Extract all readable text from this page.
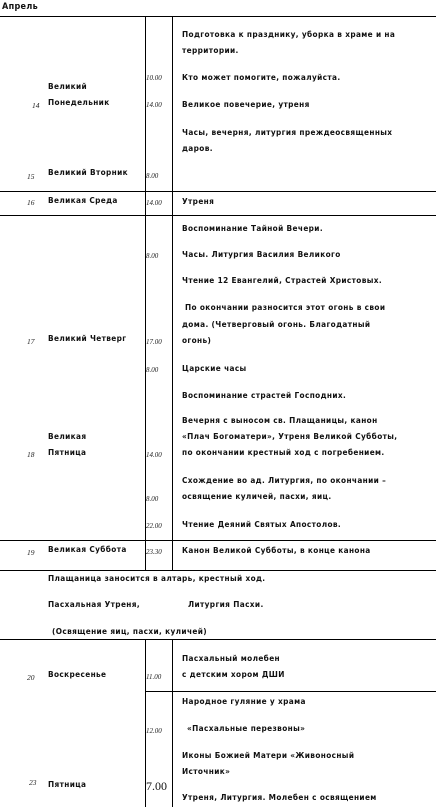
Апрель
14
Великий
Понедельник
15 Великий Вторник
16 Великая Среда
17 Великий Четверг
18
Великая
Пятница
19 Великая Суббота
20 Воскресенье
23 Пятница
10.00
14.00
8.00
14.00
8.00
17.00
8.00
14.00
8.00
22.00
23.30
11.00
12.00
7.00
Подготовка к празднику, уборка в храме и на
территории.
Кто может помогите, пожалуйста.
Великое повечерие, утреня
Часы, вечерня, литургия преждеосвященных
даров.
Утреня
Воспоминание Тайной Вечери.
Часы. Литургия Василия Великого
Чтение 12 Евангелий, Страстей Христовых.
По окончании разносится этот огонь в свои
дома. (Четверговый огонь. Благодатный
огонь)
Царские часы
Воспоминание страстей Господних.
Вечерня с выносом св. Плащаницы, канон
«Плач Богоматери», Утреня Великой Субботы,
по окончании крестный ход с погребением.
Схождение во ад. Литургия, по окончании –
освящение куличей, пасхи, яиц.
Чтение Деяний Святых Апостолов.
Канон Великой Субботы, в конце канона
Плащаница заносится в алтарь, крестный ход.
Пасхальная Утреня,	Литургия Пасхи.
(Освящение яиц, пасхи, куличей)
Пасхальный молебен
с детским хором ДШИ
Народное гуляние у храма
«Пасхальные перезвоны»
Иконы Божией Матери «Живоносный
Источник»
Утреня, Литургия. Молебен с освящением
